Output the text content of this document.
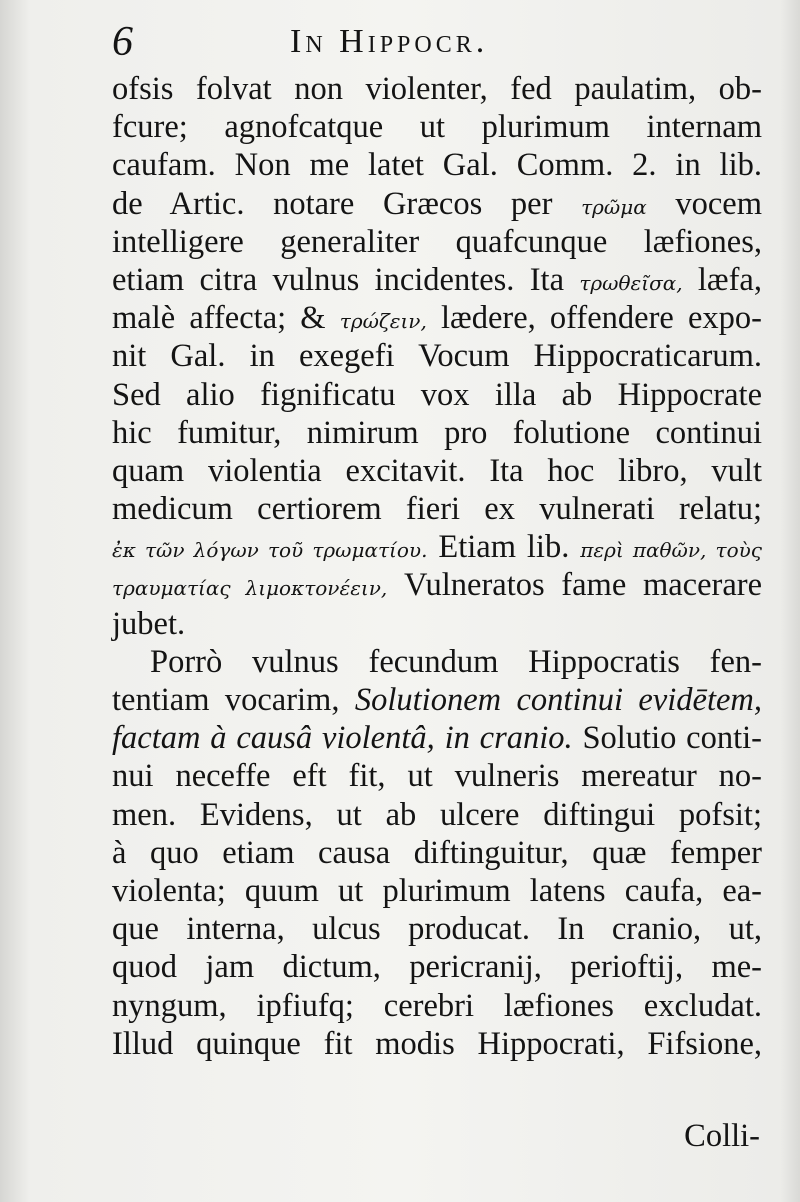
6	In Hippocr.
ofsis folvat non violenter, fed paulatim, ob-
fcure; agnofcatque ut plurimum internam
caufam. Non me latet Gal. Comm. 2. in lib.
de Artic. notare Græcos per τρῶμα vocem
intelligere generaliter quafcunque læfiones,
etiam citra vulnus incidentes. Ita τρωθεῖσα, læfa,
malè affecta; & τρώζειν, lædere, offendere expo-
nit Gal. in exegefi Vocum Hippocraticarum.
Sed alio fignificatu vox illa ab Hippocrate
hic fumitur, nimirum pro folutione continui
quam violentia excitavit. Ita hoc libro, vult
medicum certiorem fieri ex vulnerati relatu;
ἐκ τῶν λόγων τοῦ τρωματίου. Etiam lib. περὶ παθῶν, τοὺς
τραυματίας λιμοκτονέειν, Vulneratos fame macerare
jubet.
Porrò vulnus fecundum Hippocratis fen-
tentiam vocarim, Solutionem continui evidētem,
factam à causâ violentâ, in cranio. Solutio conti-
nui neceffe eft fit, ut vulneris mereatur no-
men. Evidens, ut ab ulcere diftingui pofsit;
à quo etiam causa diftinguitur, quæ femper
violenta; quum ut plurimum latens caufa, ea-
que interna, ulcus producat. In cranio, ut,
quod jam dictum, pericranij, perioftij, me-
nyngum, ipfiufq; cerebri læfiones excludat.
Illud quinque fit modis Hippocrati, Fifsione,
Colli-
